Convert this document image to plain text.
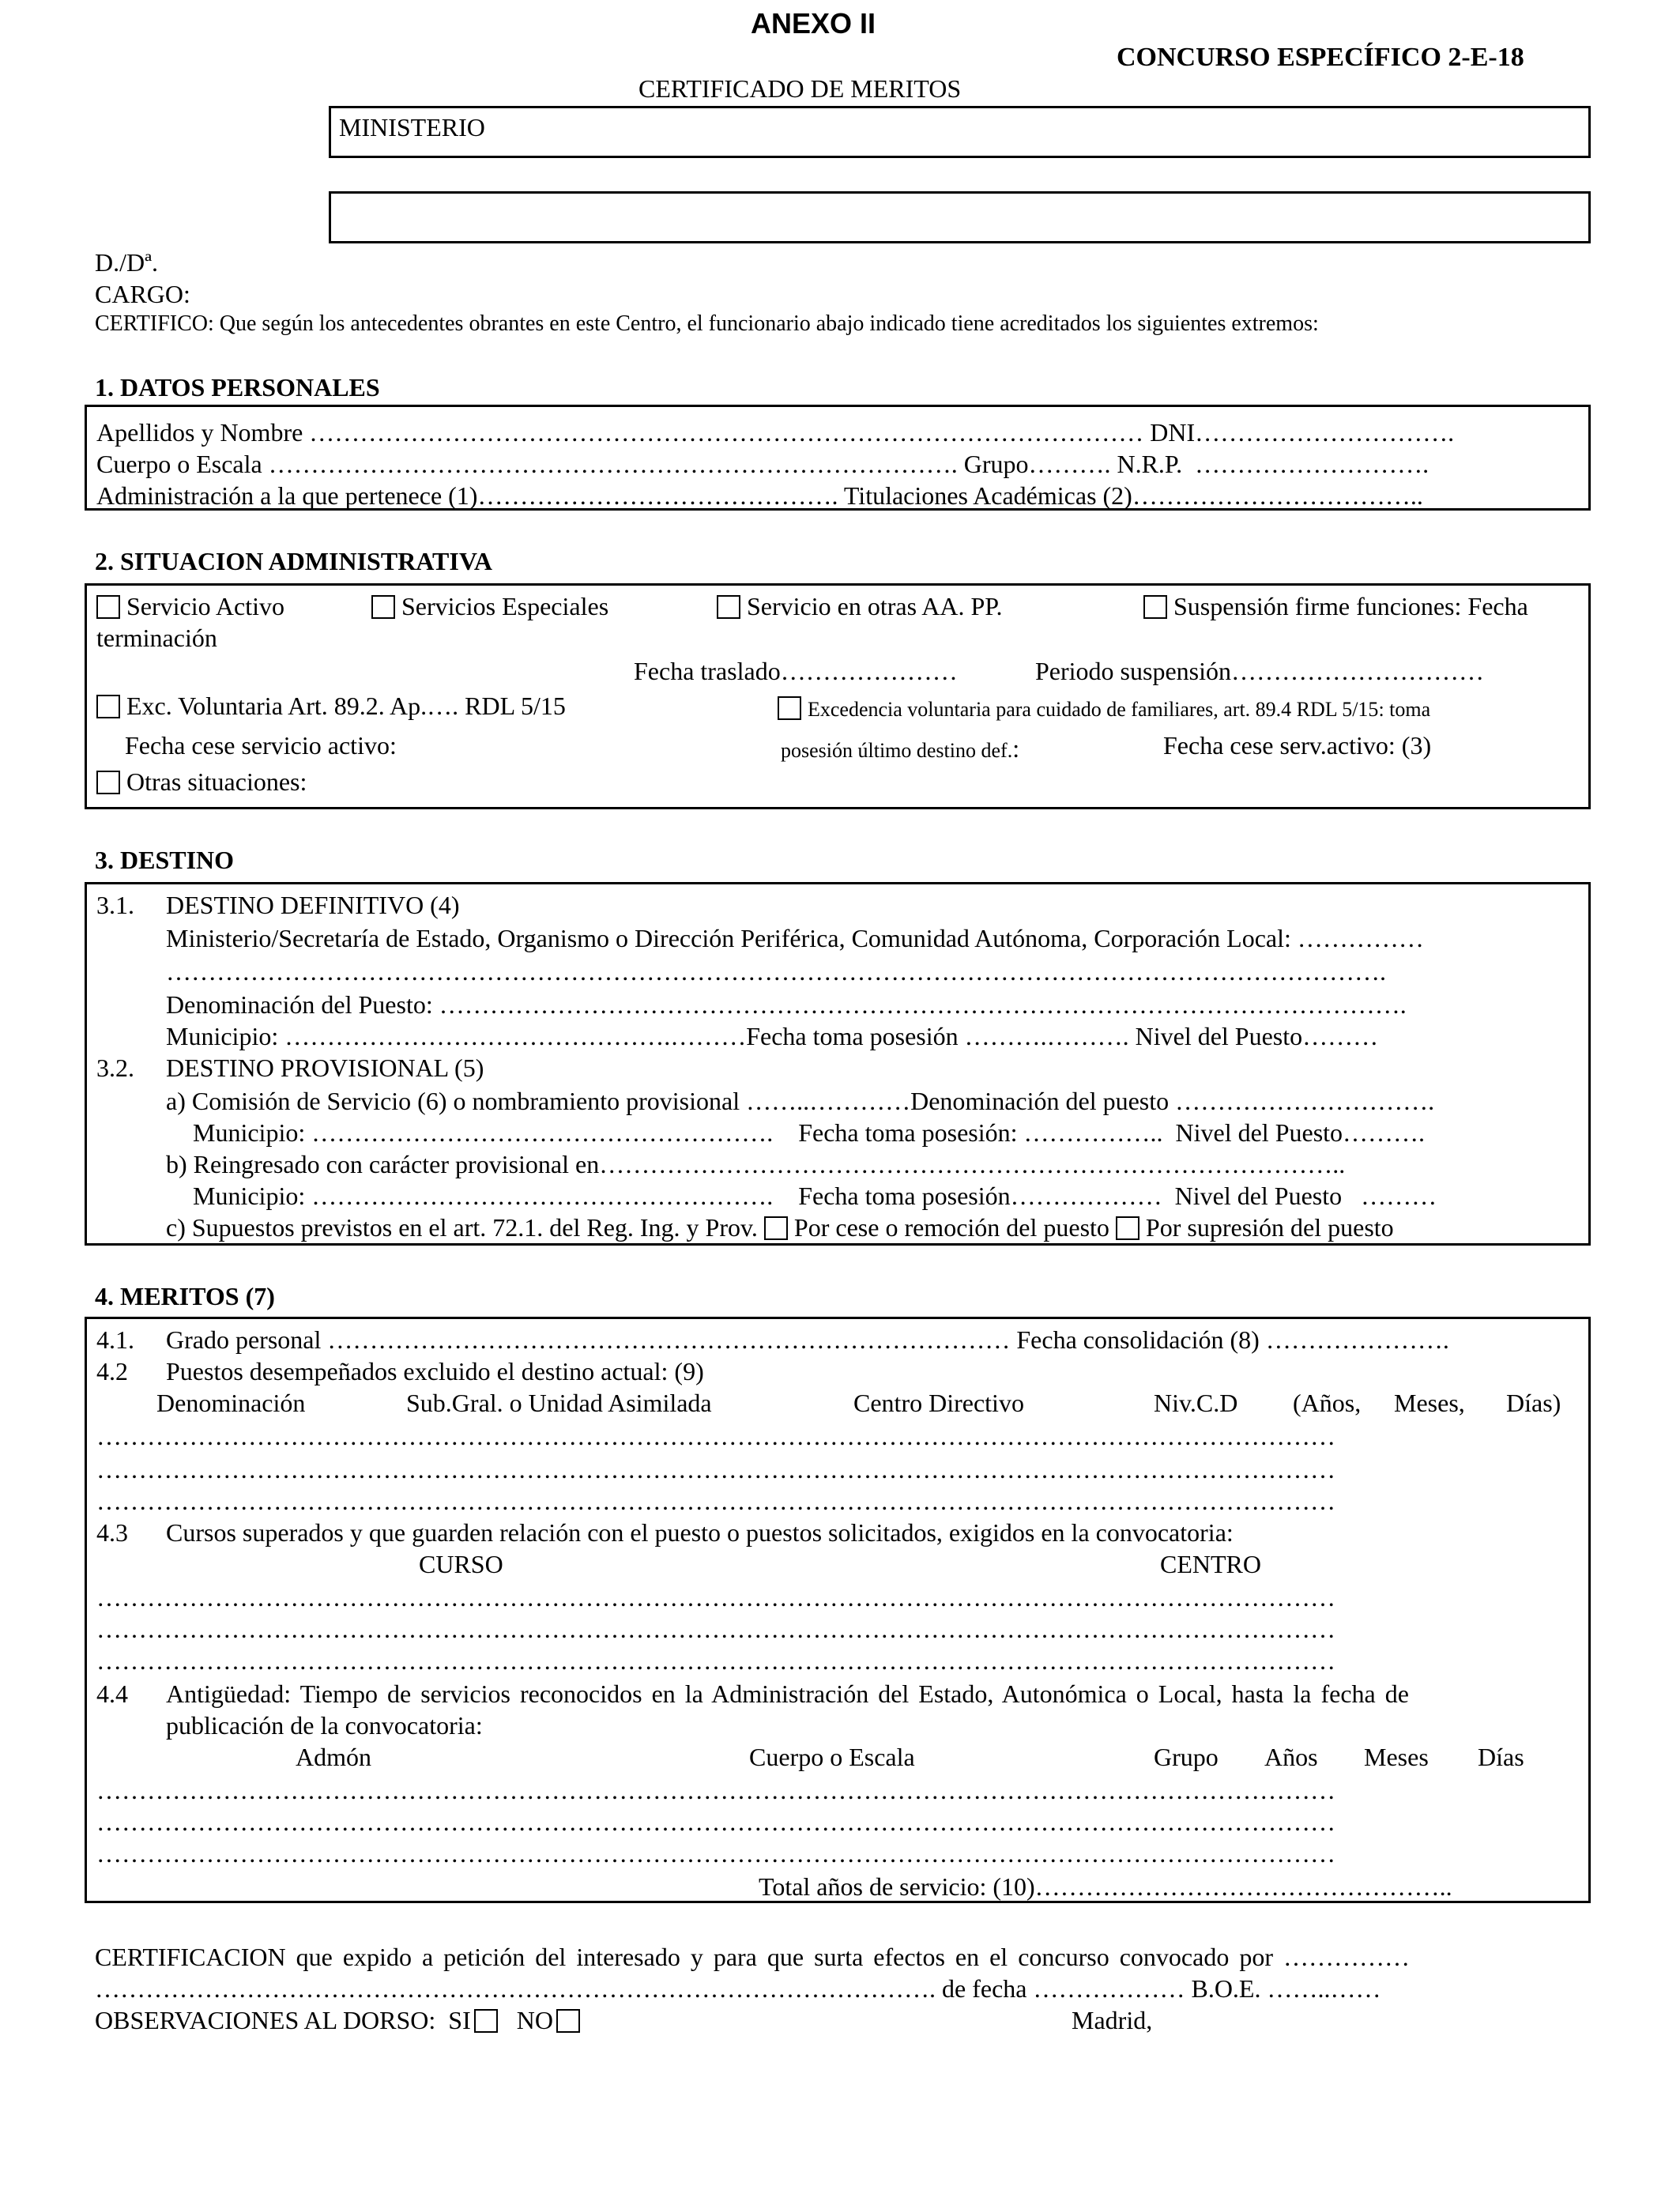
ANEXO II
CONCURSO ESPECÍFICO 2-E-18
CERTIFICADO DE MERITOS
MINISTERIO
D./Dª.
CARGO:
CERTIFICO: Que según los antecedentes obrantes en este Centro, el funcionario abajo indicado tiene acreditados los siguientes extremos:
1. DATOS PERSONALES
Apellidos y Nombre ……………………………………………………………………………………… DNI………………………….
Cuerpo o Escala ………………………………………………………………………. Grupo………. N.R.P. ……………………….
Administración a la que pertenece (1)……………………………………. Titulaciones Académicas (2)……………………………..
2. SITUACION ADMINISTRATIVA
Servicio Activo	Servicios Especiales	Servicio en otras AA. PP.	Suspensión firme funciones: Fecha
terminación
Fecha traslado…………………	Periodo suspensión…………………………
Exc. Voluntaria Art. 89.2. Ap.…. RDL 5/15	Excedencia voluntaria para cuidado de familiares, art. 89.4 RDL 5/15: toma
Fecha cese servicio activo:	posesión último destino def.:	Fecha cese serv.activo: (3)
Otras situaciones:
3. DESTINO
3.1. DESTINO DEFINITIVO (4)
Ministerio/Secretaría de Estado, Organismo o Dirección Periférica, Comunidad Autónoma, Corporación Local: ……………
……………………………………………………………………………………………………………………………….
Denominación del Puesto: …………………………………………………………………………………………………….
Municipio: ……………………………………….………Fecha toma posesión ……….………. Nivel del Puesto………
3.2. DESTINO PROVISIONAL (5)
a) Comisión de Servicio (6) o nombramiento provisional ……..…………Denominación del puesto ………………………….
Municipio: ……………………………………………….    Fecha toma posesión: ……………..  Nivel del Puesto……….
b) Reingresado con carácter provisional en……………………………………………………………………………..
Municipio: ……………………………………………….    Fecha toma posesión………………  Nivel del Puesto   ………
c) Supuestos previstos en el art. 72.1. del Reg. Ing. y Prov. Por cese o remoción del puesto Por supresión del puesto
4. MERITOS (7)
4.1. Grado personal ……………………………………………………………………… Fecha consolidación (8) ………………….
4.2 Puestos desempeñados excluido el destino actual: (9)
Denominación	Sub.Gral. o Unidad Asimilada	Centro Directivo	Niv.C.D (Años, Meses, Días)
…………………………………………………………………………………………………………………………………
…………………………………………………………………………………………………………………………………
…………………………………………………………………………………………………………………………………
4.3 Cursos superados y que guarden relación con el puesto o puestos solicitados, exigidos en la convocatoria:
CURSO	CENTRO
…………………………………………………………………………………………………………………………………
…………………………………………………………………………………………………………………………………
…………………………………………………………………………………………………………………………………
4.4 Antigüedad: Tiempo de servicios reconocidos en la Administración del Estado, Autonómica o Local, hasta la fecha de
publicación de la convocatoria:
Admón	Cuerpo o Escala	Grupo Años Meses Días
…………………………………………………………………………………………………………………………………
…………………………………………………………………………………………………………………………………
…………………………………………………………………………………………………………………………………
Total años de servicio: (10)…………………………………………..
CERTIFICACION que expido a petición del interesado y para que surta efectos en el concurso convocado por ……………
………………………………………………………………………………………. de fecha ……………… B.O.E. ……..……
OBSERVACIONES AL DORSO: SI NO	Madrid,
